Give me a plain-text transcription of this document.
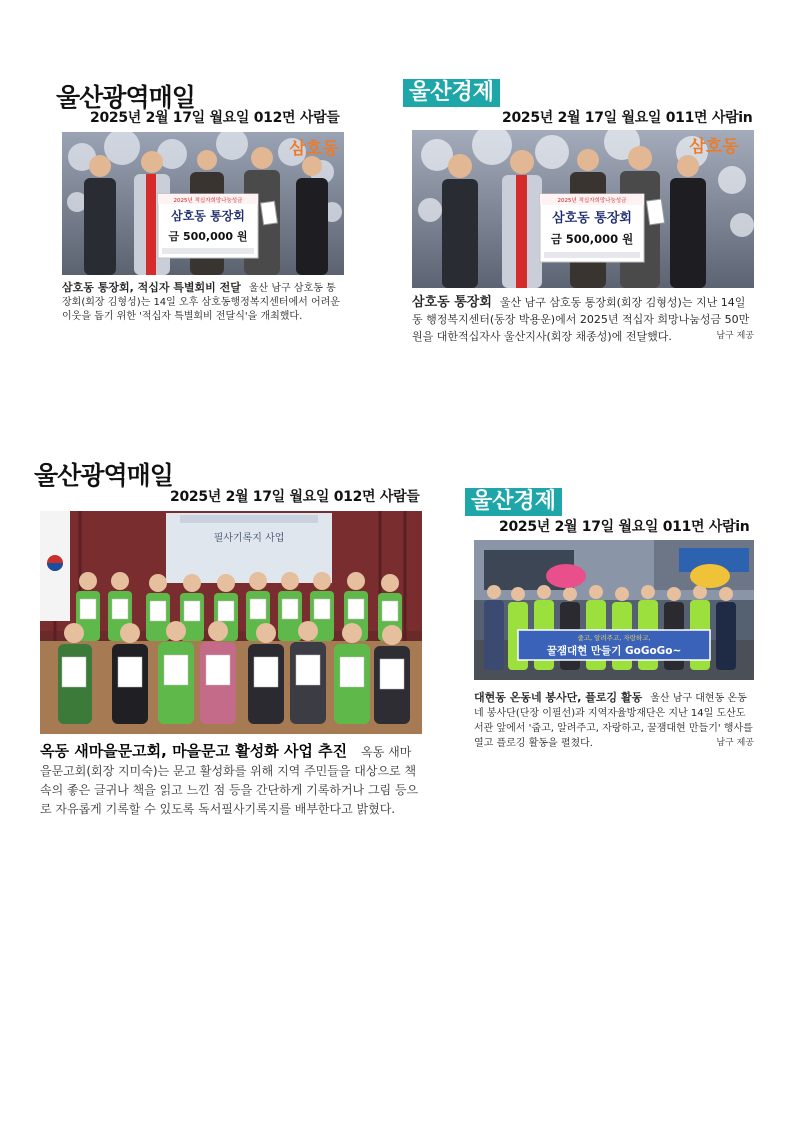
울산광역매일
2025년 2월 17일 월요일 012면 사람들
2025년 적십자희망나눔성금
삼호동 통장회
금 500,000 원
삼호동
삼호동 통장회, 적십자 특별회비 전달 울산 남구 삼호동 통장회(회장 김형성)는 14일 오후 삼호동행정복지센터에서 어려운 이웃을 돕기 위한 '적십자 특별회비 전달식'을 개최했다.
울산경제
2025년 2월 17일 월요일 011면 사람in
2025년 적십자희망나눔성금
삼호동 통장회
금 500,000 원
삼호동
삼호동 통장회 울산 남구 삼호동 통장회(회장 김형성)는 지난 14일 동 행정복지센터(동장 박용운)에서 2025년 적십자 희망나눔성금 50만원을 대한적십자사 울산지사(회장 채종성)에 전달했다.	남구 제공
울산광역매일
2025년 2월 17일 월요일 012면 사람들
필사기록지 사업
옥동 새마을문고회, 마을문고 활성화 사업 추진 옥동 새마을문고회(회장 지미숙)는 문고 활성화를 위해 지역 주민들을 대상으로 책 속의 좋은 글귀나 책을 읽고 느낀 점 등을 간단하게 기록하거나 그림 등으로 자유롭게 기록할 수 있도록 독서필사기록지를 배부한다고 밝혔다.
울산경제
2025년 2월 17일 월요일 011면 사람in
줍고, 알려주고, 자랑하고,
꿀잼대현 만들기 GoGoGo~
대현동 온동네 봉사단, 플로깅 활동 울산 남구 대현동 온동네 봉사단(단장 이필선)과 지역자율방재단은 지난 14일 도산도서관 앞에서 '줍고, 알려주고, 자랑하고, 꿀잼대현 만들기' 행사를 열고 플로깅 활동을 펼쳤다.	남구 제공
